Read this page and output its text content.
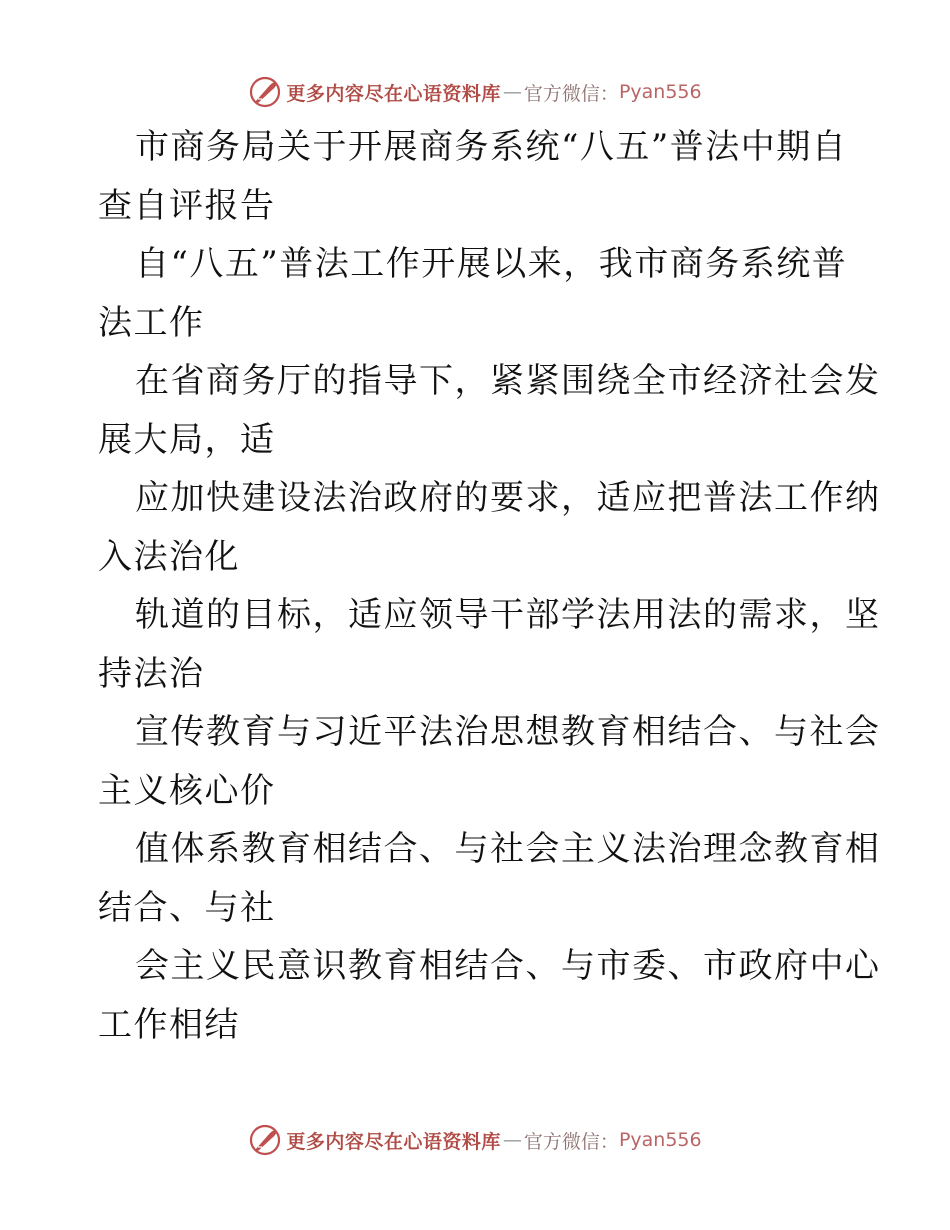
更多内容尽在心语资料库 — 官方微信： Pyan556
市商务局关于开展商务系统“八五”普法中期自
查自评报告
自“八五”普法工作开展以来，我市商务系统普
法工作
在省商务厅的指导下，紧紧围绕全市经济社会发
展大局，适
应加快建设法治政府的要求，适应把普法工作纳
入法治化
轨道的目标，适应领导干部学法用法的需求，坚
持法治
宣传教育与习近平法治思想教育相结合、与社会
主义核心价
值体系教育相结合、与社会主义法治理念教育相
结合、与社
会主义民意识教育相结合、与市委、市政府中心
工作相结
更多内容尽在心语资料库 — 官方微信： Pyan556
